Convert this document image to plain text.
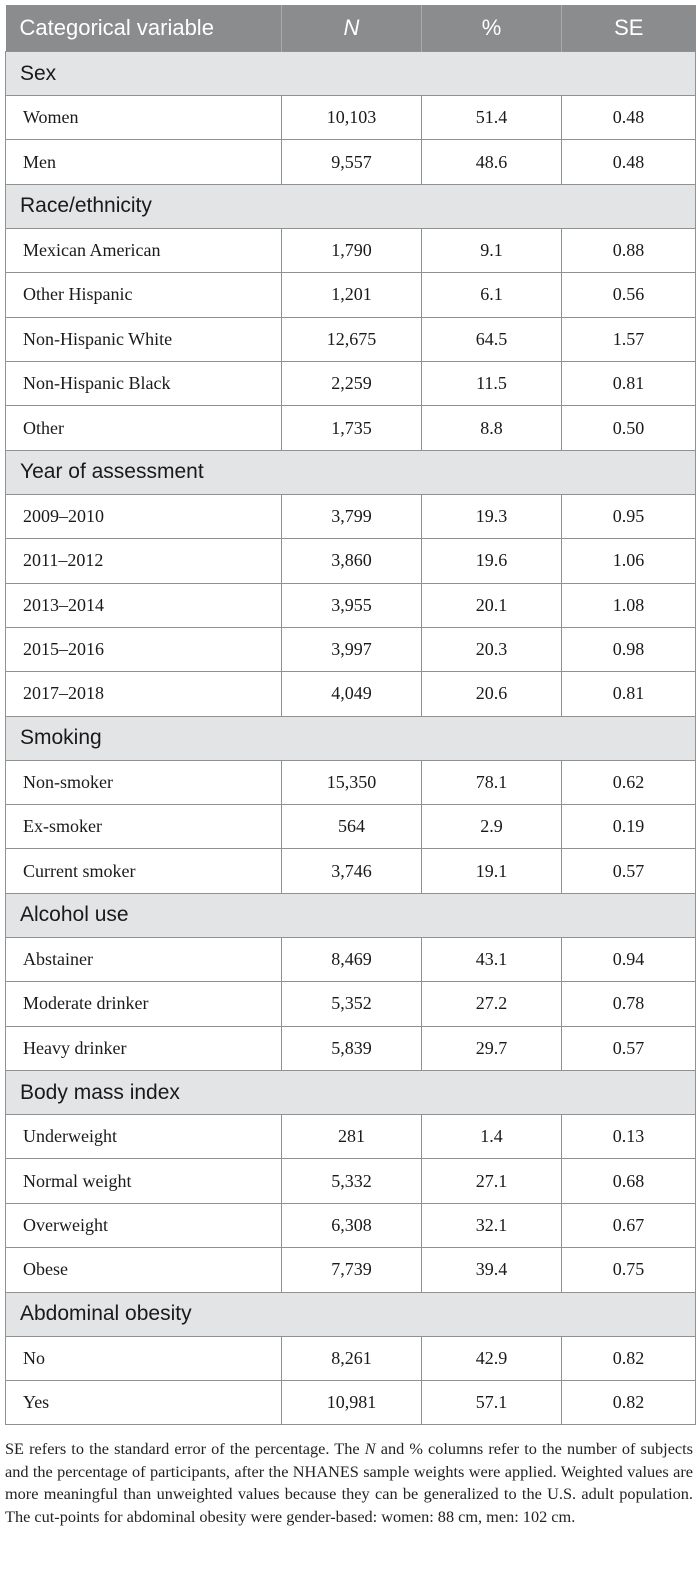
Categorical variable	N	%	SE
Sex			
Women	10,103	51.4	0.48
Men	9,557	48.6	0.48
Race/ethnicity			
Mexican American	1,790	9.1	0.88
Other Hispanic	1,201	6.1	0.56
Non-Hispanic White	12,675	64.5	1.57
Non-Hispanic Black	2,259	11.5	0.81
Other	1,735	8.8	0.50
Year of assessment			
2009–2010	3,799	19.3	0.95
2011–2012	3,860	19.6	1.06
2013–2014	3,955	20.1	1.08
2015–2016	3,997	20.3	0.98
2017–2018	4,049	20.6	0.81
Smoking			
Non-smoker	15,350	78.1	0.62
Ex-smoker	564	2.9	0.19
Current smoker	3,746	19.1	0.57
Alcohol use			
Abstainer	8,469	43.1	0.94
Moderate drinker	5,352	27.2	0.78
Heavy drinker	5,839	29.7	0.57
Body mass index			
Underweight	281	1.4	0.13
Normal weight	5,332	27.1	0.68
Overweight	6,308	32.1	0.67
Obese	7,739	39.4	0.75
Abdominal obesity			
No	8,261	42.9	0.82
Yes	10,981	57.1	0.82
SE refers to the standard error of the percentage. The N and % columns refer to the number of subjects and the percentage of participants, after the NHANES sample weights were applied. Weighted values are more meaningful than unweighted values because they can be generalized to the U.S. adult population. The cut-points for abdominal obesity were gender-based: women: 88 cm, men: 102 cm.
